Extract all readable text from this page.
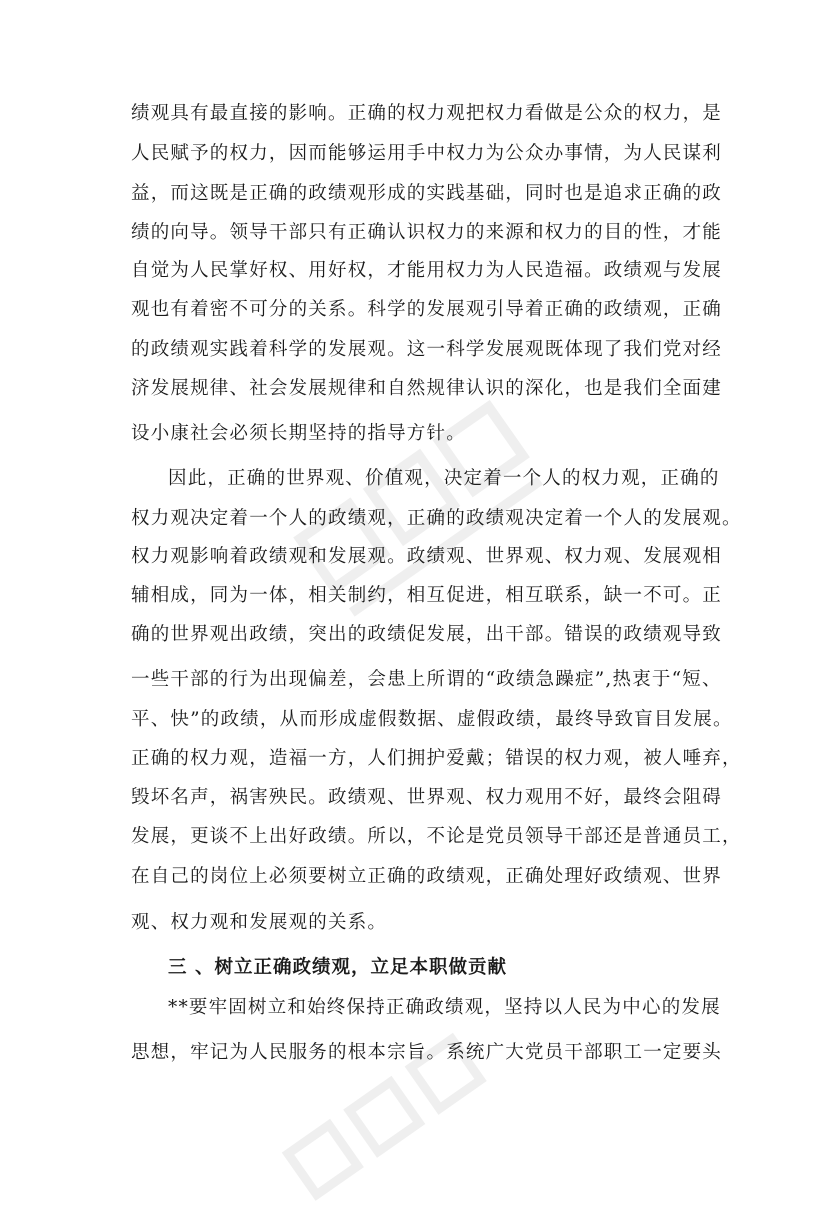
绩观具有最直接的影响。正确的权力观把权力看做是公众的权力，是
人民赋予的权力，因而能够运用手中权力为公众办事情，为人民谋利
益，而这既是正确的政绩观形成的实践基础，同时也是追求正确的政
绩的向导。领导干部只有正确认识权力的来源和权力的目的性，才能
自觉为人民掌好权、用好权，才能用权力为人民造福。政绩观与发展
观也有着密不可分的关系。科学的发展观引导着正确的政绩观，正确
的政绩观实践着科学的发展观。这一科学发展观既体现了我们党对经
济发展规律、社会发展规律和自然规律认识的深化，也是我们全面建
设小康社会必须长期坚持的指导方针。
因此，正确的世界观、价值观，决定着一个人的权力观，正确的
权力观决定着一个人的政绩观，正确的政绩观决定着一个人的发展观。
权力观影响着政绩观和发展观。政绩观、世界观、权力观、发展观相
辅相成，同为一体，相关制约，相互促进，相互联系，缺一不可。正
确的世界观出政绩，突出的政绩促发展，出干部。错误的政绩观导致
一些干部的行为出现偏差，会患上所谓的“政绩急躁症”,热衷于“短、
平、快”的政绩，从而形成虚假数据、虚假政绩，最终导致盲目发展。
正确的权力观，造福一方，人们拥护爱戴；错误的权力观，被人唾弃，
毁坏名声，祸害殃民。政绩观、世界观、权力观用不好，最终会阻碍
发展，更谈不上出好政绩。所以，不论是党员领导干部还是普通员工，
在自己的岗位上必须要树立正确的政绩观，正确处理好政绩观、世界
观、权力观和发展观的关系。
三 、树立正确政绩观，立足本职做贡献
**要牢固树立和始终保持正确政绩观，坚持以人民为中心的发展
思想，牢记为人民服务的根本宗旨。系统广大党员干部职工一定要头
